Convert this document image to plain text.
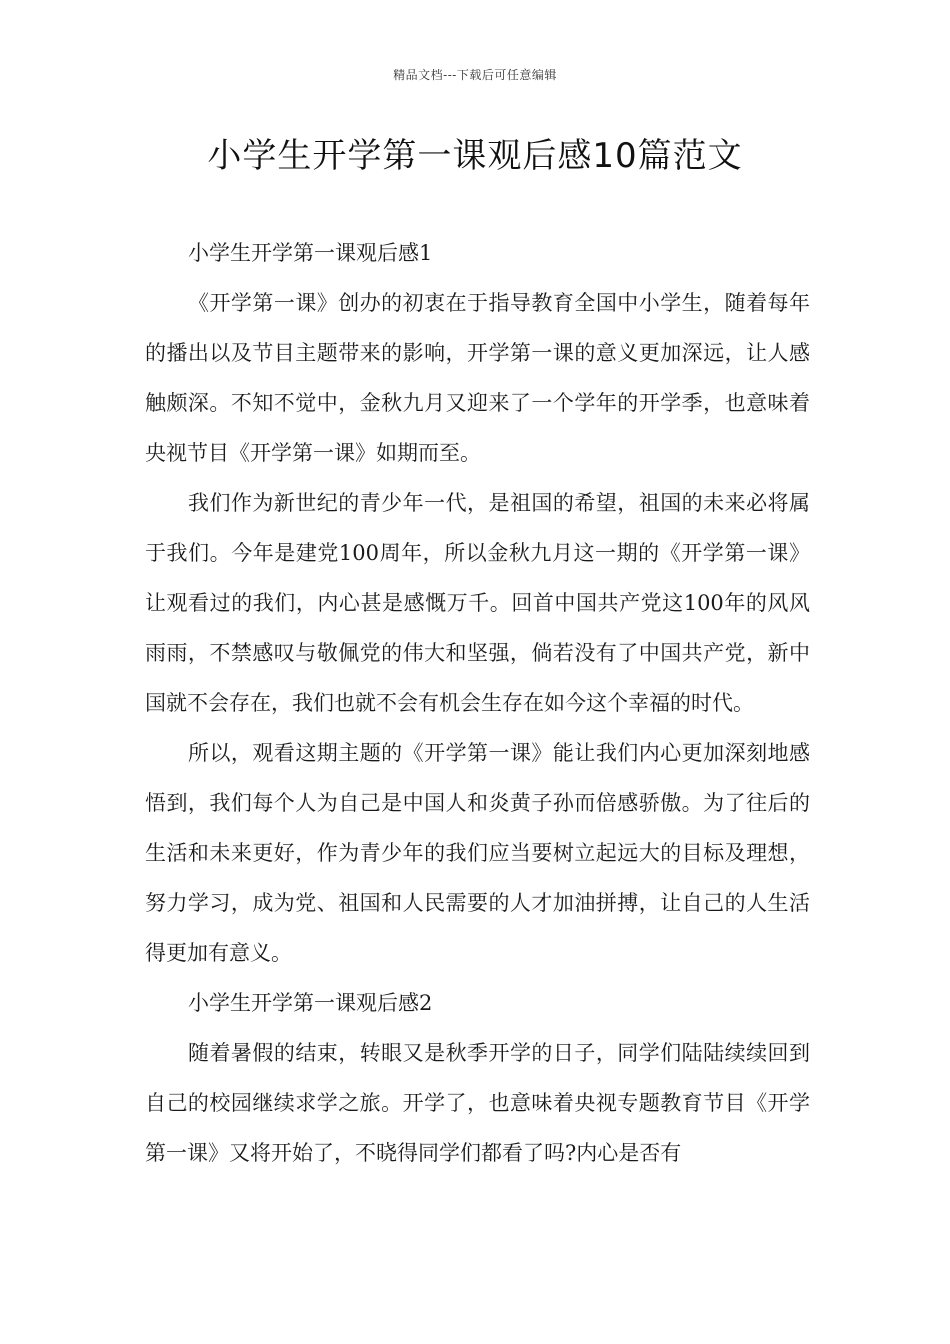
精品文档---下载后可任意编辑
小学生开学第一课观后感10篇范文

小学生开学第一课观后感1

《开学第一课》创办的初衷在于指导教育全国中小学生，随着每年的播出以及节目主题带来的影响，开学第一课的意义更加深远，让人感触颇深。不知不觉中，金秋九月又迎来了一个学年的开学季，也意味着央视节目《开学第一课》如期而至。

我们作为新世纪的青少年一代，是祖国的希望，祖国的未来必将属于我们。今年是建党100周年，所以金秋九月这一期的《开学第一课》让观看过的我们，内心甚是感慨万千。回首中国共产党这100年的风风雨雨，不禁感叹与敬佩党的伟大和坚强，倘若没有了中国共产党，新中国就不会存在，我们也就不会有机会生存在如今这个幸福的时代。

所以，观看这期主题的《开学第一课》能让我们内心更加深刻地感悟到，我们每个人为自己是中国人和炎黄子孙而倍感骄傲。为了往后的生活和未来更好，作为青少年的我们应当要树立起远大的目标及理想，努力学习，成为党、祖国和人民需要的人才加油拼搏，让自己的人生活得更加有意义。

小学生开学第一课观后感2

随着暑假的结束，转眼又是秋季开学的日子，同学们陆陆续续回到自己的校园继续求学之旅。开学了，也意味着央视专题教育节目《开学第一课》又将开始了，不晓得同学们都看了吗?内心是否有
